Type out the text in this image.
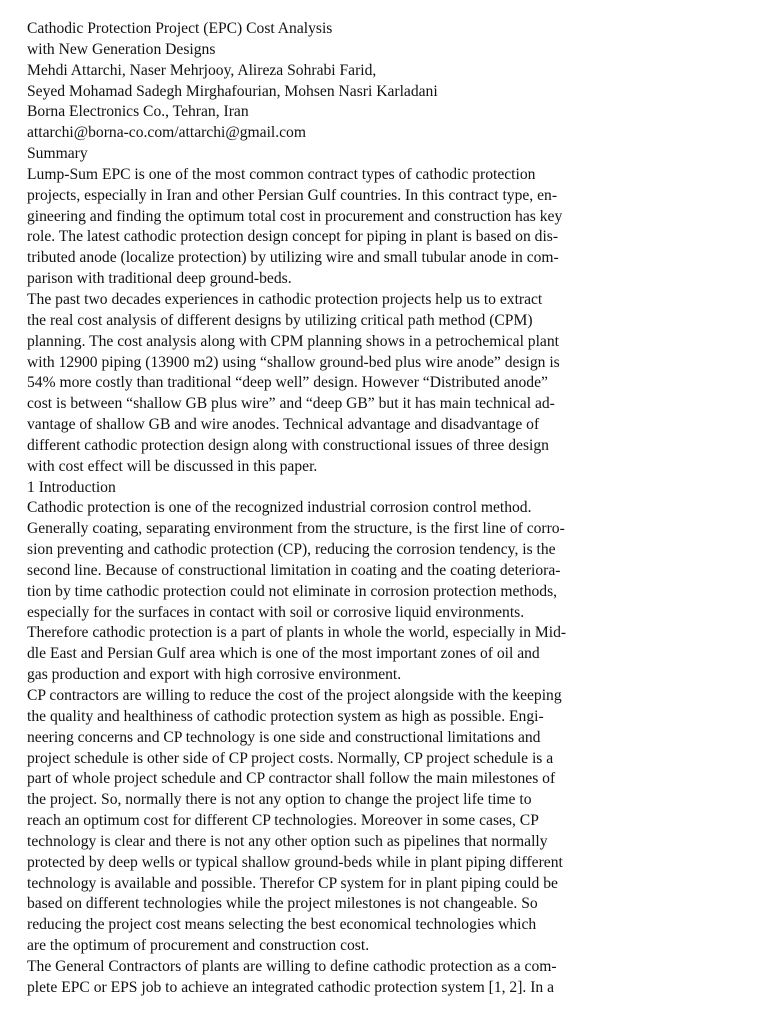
Cathodic Protection Project (EPC) Cost Analysis
with New Generation Designs
Mehdi Attarchi, Naser Mehrjooy, Alireza Sohrabi Farid,
Seyed Mohamad Sadegh Mirghafourian, Mohsen Nasri Karladani
Borna Electronics Co., Tehran, Iran
attarchi@borna-co.com/attarchi@gmail.com
Summary
Lump-Sum EPC is one of the most common contract types of cathodic protection
projects, especially in Iran and other Persian Gulf countries. In this contract type, en-
gineering and finding the optimum total cost in procurement and construction has key
role. The latest cathodic protection design concept for piping in plant is based on dis-
tributed anode (localize protection) by utilizing wire and small tubular anode in com-
parison with traditional deep ground-beds.
The past two decades experiences in cathodic protection projects help us to extract
the real cost analysis of different designs by utilizing critical path method (CPM)
planning. The cost analysis along with CPM planning shows in a petrochemical plant
with 12900 piping (13900 m2) using “shallow ground-bed plus wire anode” design is
54% more costly than traditional “deep well” design. However “Distributed anode”
cost is between “shallow GB plus wire” and “deep GB” but it has main technical ad-
vantage of shallow GB and wire anodes. Technical advantage and disadvantage of
different cathodic protection design along with constructional issues of three design
with cost effect will be discussed in this paper.
1 Introduction
Cathodic protection is one of the recognized industrial corrosion control method.
Generally coating, separating environment from the structure, is the first line of corro-
sion preventing and cathodic protection (CP), reducing the corrosion tendency, is the
second line. Because of constructional limitation in coating and the coating deteriora-
tion by time cathodic protection could not eliminate in corrosion protection methods,
especially for the surfaces in contact with soil or corrosive liquid environments.
Therefore cathodic protection is a part of plants in whole the world, especially in Mid-
dle East and Persian Gulf area which is one of the most important zones of oil and
gas production and export with high corrosive environment.
CP contractors are willing to reduce the cost of the project alongside with the keeping
the quality and healthiness of cathodic protection system as high as possible. Engi-
neering concerns and CP technology is one side and constructional limitations and
project schedule is other side of CP project costs. Normally, CP project schedule is a
part of whole project schedule and CP contractor shall follow the main milestones of
the project. So, normally there is not any option to change the project life time to
reach an optimum cost for different CP technologies. Moreover in some cases, CP
technology is clear and there is not any other option such as pipelines that normally
protected by deep wells or typical shallow ground-beds while in plant piping different
technology is available and possible. Therefor CP system for in plant piping could be
based on different technologies while the project milestones is not changeable. So
reducing the project cost means selecting the best economical technologies which
are the optimum of procurement and construction cost.
The General Contractors of plants are willing to define cathodic protection as a com-
plete EPC or EPS job to achieve an integrated cathodic protection system [1, 2]. In a
